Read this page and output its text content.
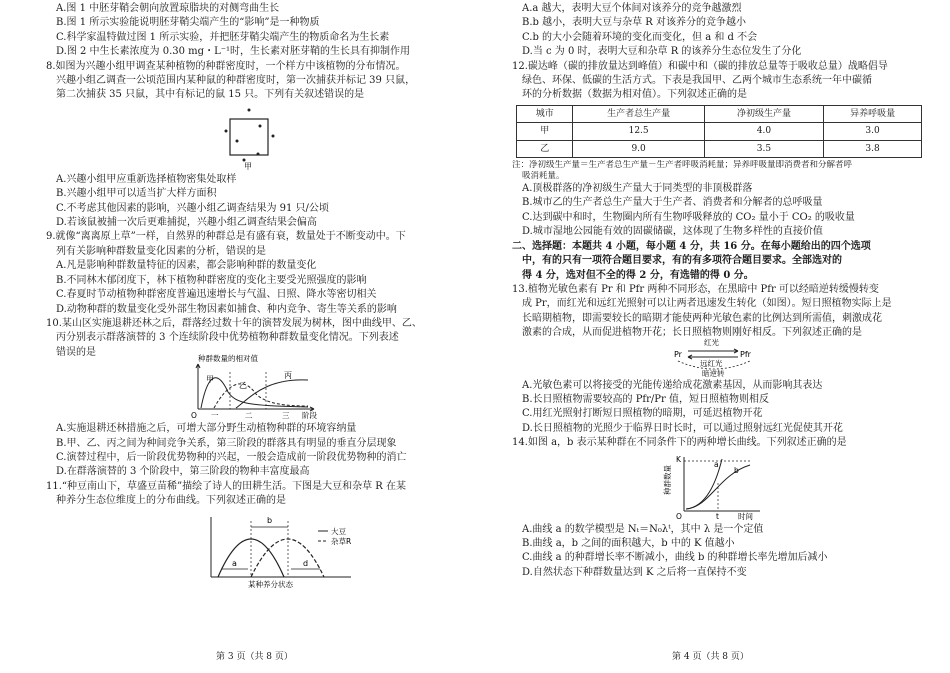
A.图 1 中胚芽鞘会朝向放置琼脂块的对侧弯曲生长
B.图 1 所示实验能说明胚芽鞘尖端产生的“影响”是一种物质
C.科学家温特做过图 1 所示实验，并把胚芽鞘尖端产生的物质命名为生长素
D.图 2 中生长素浓度为 0.30 mg・L⁻¹时，生长素对胚芽鞘的生长具有抑制作用
8.如图为兴趣小组甲调查某种植物的种群密度时，一个样方中该植物的分布情况。
兴趣小组乙调查一公顷范围内某种鼠的种群密度时，第一次捕获并标记 39 只鼠，
第二次捕获 35 只鼠，其中有标记的鼠 15 只。下列有关叙述错误的是
甲
A.兴趣小组甲应重新选择植物密集处取样
B.兴趣小组甲可以适当扩大样方面积
C.不考虑其他因素的影响，兴趣小组乙调查结果为 91 只/公顷
D.若该鼠被捕一次后更难捕捉，兴趣小组乙调查结果会偏高
9.就像“离离原上草”一样，自然界的种群总是有盛有衰，数量处于不断变动中。下
列有关影响种群数量变化因素的分析，错误的是
A.凡是影响种群数量特征的因素，都会影响种群的数量变化
B.不同林木郁闭度下，林下植物种群密度的变化主要受光照强度的影响
C.春夏时节动植物种群密度普遍迅速增长与气温、日照、降水等密切相关
D.动物种群的数量变化受外部生物因素如捕食、种内竞争、寄生等关系的影响
10.某山区实施退耕还林之后，群落经过数十年的演替发展为树林，图中曲线甲、乙、
丙分别表示群落演替的 3 个连续阶段中优势植物种群数量变化情况。下列表述
错误的是
种群数量的相对值
甲
乙
丙
O 一	二	三 阶段
A.实施退耕还林措施之后，可增大部分野生动植物种群的环境容纳量
B.甲、乙、丙之间为种间竞争关系，第三阶段的群落具有明显的垂直分层现象
C.演替过程中，后一阶段优势物种的兴起，一般会造成前一阶段优势物种的消亡
D.在群落演替的 3 个阶段中，第三阶段的物种丰富度最高
11.“种豆南山下，草盛豆苗稀”描绘了诗人的田耕生活。下图是大豆和杂草 R 在某
种养分生态位维度上的分布曲线。下列叙述正确的是
b
a	d
大豆
杂草R
某种养分状态
第 3 页（共 8 页）
A.a 越大，表明大豆个体间对该养分的竞争越激烈
B.b 越小，表明大豆与杂草 R 对该养分的竞争越小
C.b 的大小会随着环境的变化而变化，但 a 和 d 不会
D.当 c 为 0 时，表明大豆和杂草 R 的该养分生态位发生了分化
12.碳达峰（碳的排放量达到峰值）和碳中和（碳的排放总量等于吸收总量）战略倡导
绿色、环保、低碳的生活方式。下表是我国甲、乙两个城市生态系统一年中碳循
环的分析数据（数据为相对值）。下列叙述正确的是
城市	生产者总生产量	净初级生产量	异养呼吸量
甲	12.5	4.0	3.0
乙	9.0	3.5	3.8
注：净初级生产量＝生产者总生产量－生产者呼吸消耗量；异养呼吸量即消费者和分解者呼
吸消耗量。
A.顶极群落的净初级生产量大于同类型的非顶极群落
B.城市乙的生产者总生产量大于生产者、消费者和分解者的总呼吸量
C.达到碳中和时，生物圈内所有生物呼吸释放的 CO₂ 量小于 CO₂ 的吸收量
D.城市湿地公园能有效的固碳储碳，这体现了生物多样性的直接价值
二、选择题：本题共 4 小题，每小题 4 分，共 16 分。在每小题给出的四个选项
中，有的只有一项符合题目要求，有的有多项符合题目要求。全部选对的
得 4 分，选对但不全的得 2 分，有选错的得 0 分。
13.植物光敏色素有 Pr 和 Pfr 两种不同形态，在黑暗中 Pfr 可以经暗逆转缓慢转变
成 Pr，而红光和远红光照射可以让两者迅速发生转化（如图）。短日照植物实际上是
长暗期植物，即需要较长的暗期才能使两种光敏色素的比例达到所需值，刺激成花
激素的合成，从而促进植物开花；长日照植物则刚好相反。下列叙述正确的是
红光
Pr	Pfr
远红光
暗逆转
A.光敏色素可以将接受的光能传递给成花激素基因，从而影响其表达
B.长日照植物需要较高的 Pfr/Pr 值，短日照植物则相反
C.用红光照射打断短日照植物的暗期，可延迟植物开花
D.长日照植物的光照少于临界日时长时，可以通过照射远红光促使其开花
14.如图 a，b 表示某种群在不同条件下的两种增长曲线。下列叙述正确的是
K
种群数量
a
b
O	t	时间
A.曲线 a 的数学模型是 Nₜ＝N₀λᵗ，其中 λ 是一个定值
B.曲线 a，b 之间的面积越大，b 中的 K 值越小
C.曲线 a 的种群增长率不断减小，曲线 b 的种群增长率先增加后减小
D.自然状态下种群数量达到 K 之后将一直保持不变
第 4 页（共 8 页）
